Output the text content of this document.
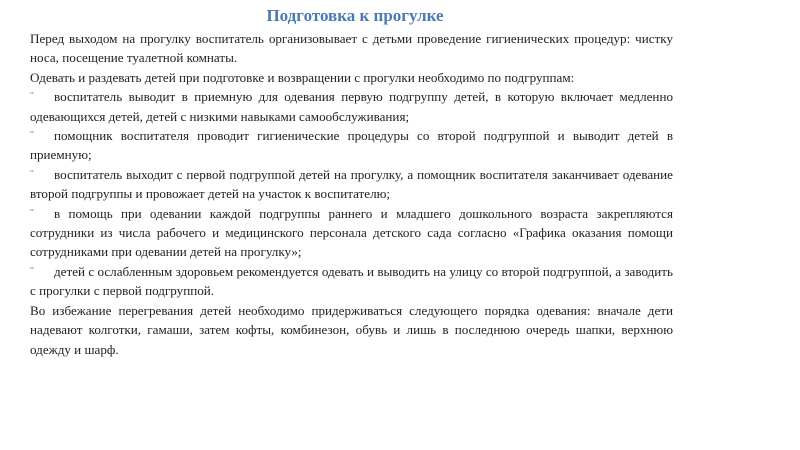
Подготовка к прогулке

Перед выходом на прогулку воспитатель организовывает с детьми проведение гигиенических процедур: чистку носа, посещение туалетной комнаты.

Одевать и раздевать детей при подготовке и возвращении с прогулки необходимо по подгруппам:

¨ воспитатель выводит в приемную для одевания первую подгруппу детей, в которую включает медленно одевающихся детей, детей с низкими навыками самообслуживания;

¨ помощник воспитателя проводит гигиенические процедуры со второй подгруппой и выводит детей в приемную;

¨ воспитатель выходит с первой подгруппой детей на прогулку, а помощник воспитателя заканчивает одевание второй подгруппы и провожает детей на участок к воспитателю;

¨ в помощь при одевании каждой подгруппы раннего и младшего дошкольного возраста закрепляются сотрудники из числа рабочего и медицинского персонала детского сада согласно «Графика оказания помощи сотрудниками при одевании детей на прогулку»;

¨ детей с ослабленным здоровьем рекомендуется одевать и выводить на улицу со второй подгруппой, а заводить с прогулки с первой подгруппой.

Во избежание перегревания детей необходимо придерживаться следующего порядка одевания: вначале дети надевают колготки, гамаши, затем кофты, комбинезон, обувь и лишь в последнюю очередь шапки, верхнюю одежду и шарф.
